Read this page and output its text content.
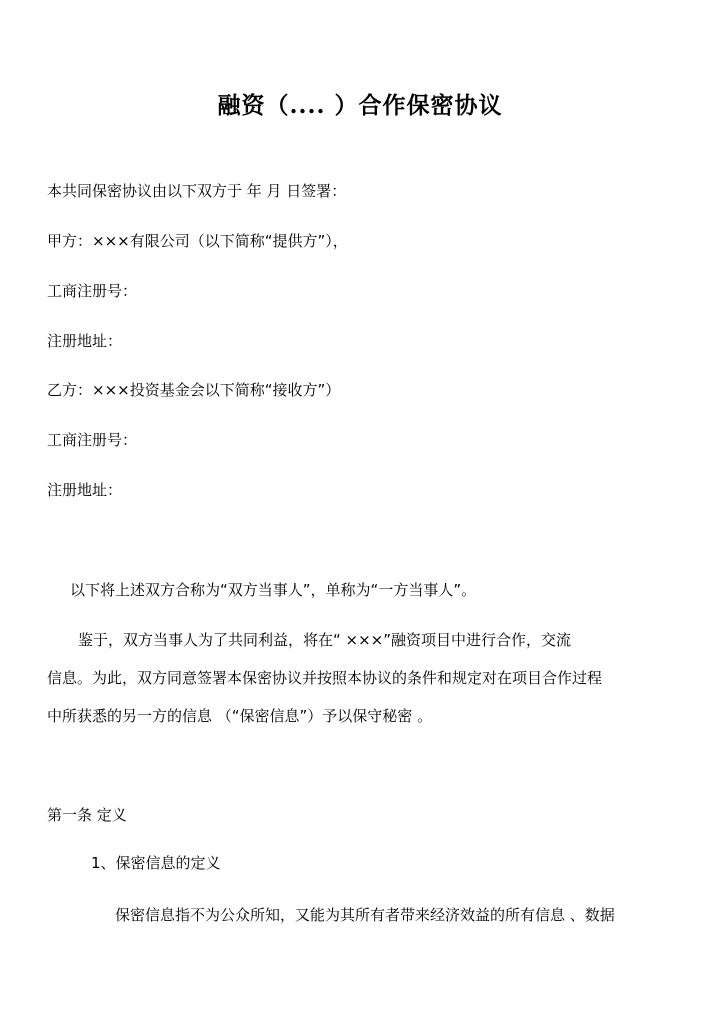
融资（.... ）合作保密协议
本共同保密协议由以下双方于 年 月 日签署：
甲方：×××有限公司（以下简称“提供方”），
工商注册号：
注册地址：
乙方：×××投资基金会以下简称“接收方”）
工商注册号：
注册地址：
以下将上述双方合称为“双方当事人”，单称为“一方当事人”。
鉴于，双方当事人为了共同利益，将在“ ×××”融资项目中进行合作，交流
信息。为此，双方同意签署本保密协议并按照本协议的条件和规定对在项目合作过程
中所获悉的另一方的信息 （“保密信息”）予以保守秘密 。
第一条 定义
1、保密信息的定义
保密信息指不为公众所知，又能为其所有者带来经济效益的所有信息 、数据
